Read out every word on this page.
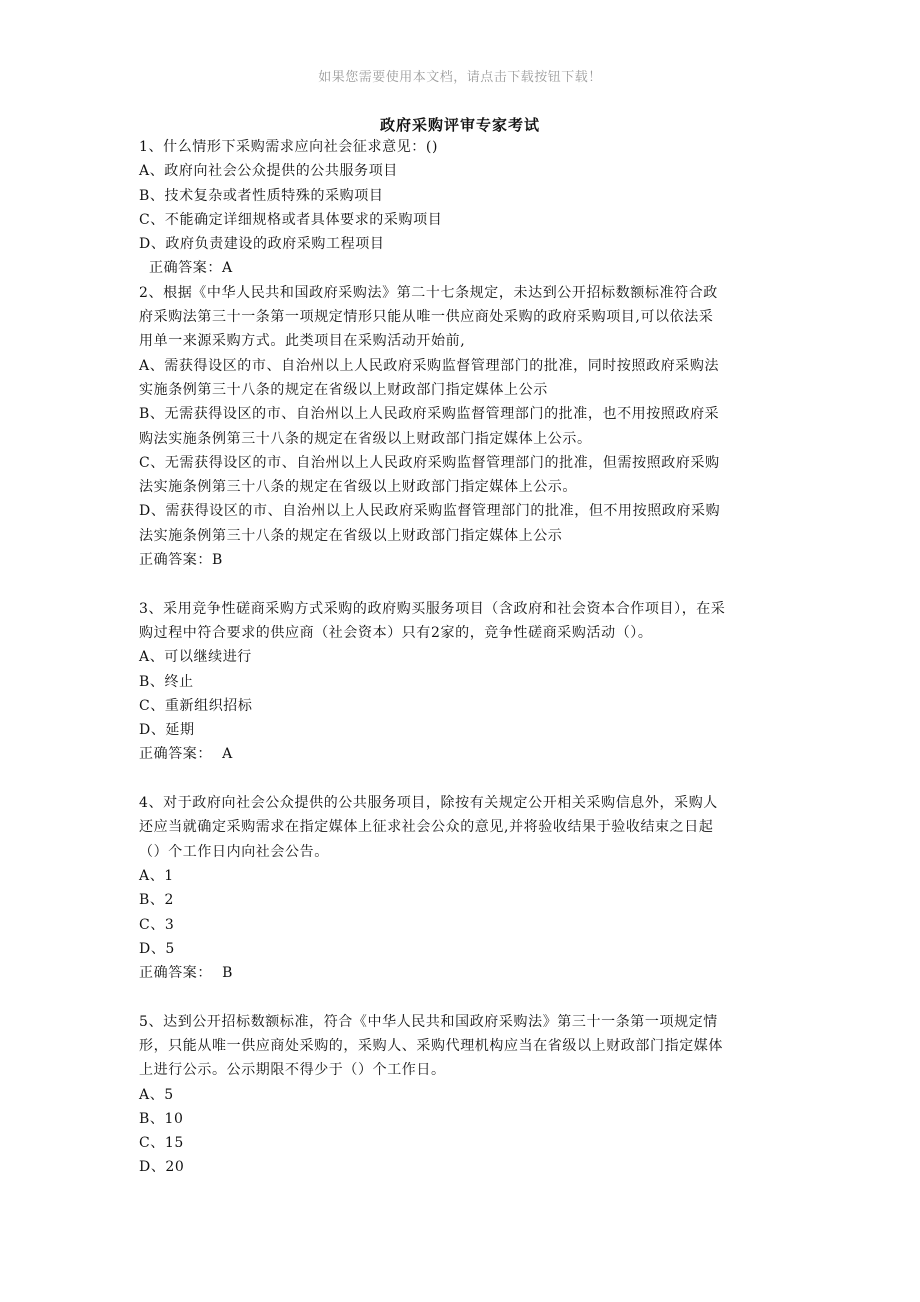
如果您需要使用本文档，请点击下载按钮下载！
政府采购评审专家考试
1、什么情形下采购需求应向社会征求意见：()
A、政府向社会公众提供的公共服务项目
B、技术复杂或者性质特殊的采购项目
C、不能确定详细规格或者具体要求的采购项目
D、政府负责建设的政府采购工程项目
正确答案：A
2、根据《中华人民共和国政府采购法》第二十七条规定，未达到公开招标数额标准符合政
府采购法第三十一条第一项规定情形只能从唯一供应商处采购的政府采购项目,可以依法采
用单一来源采购方式。此类项目在采购活动开始前,
A、需获得设区的市、自治州以上人民政府采购监督管理部门的批准，同时按照政府采购法
实施条例第三十八条的规定在省级以上财政部门指定媒体上公示
B、无需获得设区的市、自治州以上人民政府采购监督管理部门的批准，也不用按照政府采
购法实施条例第三十八条的规定在省级以上财政部门指定媒体上公示。
C、无需获得设区的市、自治州以上人民政府采购监督管理部门的批准，但需按照政府采购
法实施条例第三十八条的规定在省级以上财政部门指定媒体上公示。
D、需获得设区的市、自治州以上人民政府采购监督管理部门的批准，但不用按照政府采购
法实施条例第三十八条的规定在省级以上财政部门指定媒体上公示
正确答案：B
3、采用竞争性磋商采购方式采购的政府购买服务项目（含政府和社会资本合作项目），在采
购过程中符合要求的供应商（社会资本）只有2家的，竞争性磋商采购活动（）。
A、可以继续进行
B、终止
C、重新组织招标
D、延期
正确答案：  A
4、对于政府向社会公众提供的公共服务项目，除按有关规定公开相关采购信息外，采购人
还应当就确定采购需求在指定媒体上征求社会公众的意见,并将验收结果于验收结束之日起
（）个工作日内向社会公告。
A、1
B、2
C、3
D、5
正确答案：  B
5、达到公开招标数额标准，符合《中华人民共和国政府采购法》第三十一条第一项规定情
形，只能从唯一供应商处采购的，采购人、采购代理机构应当在省级以上财政部门指定媒体
上进行公示。公示期限不得少于（）个工作日。
A、5
B、10
C、15
D、20
